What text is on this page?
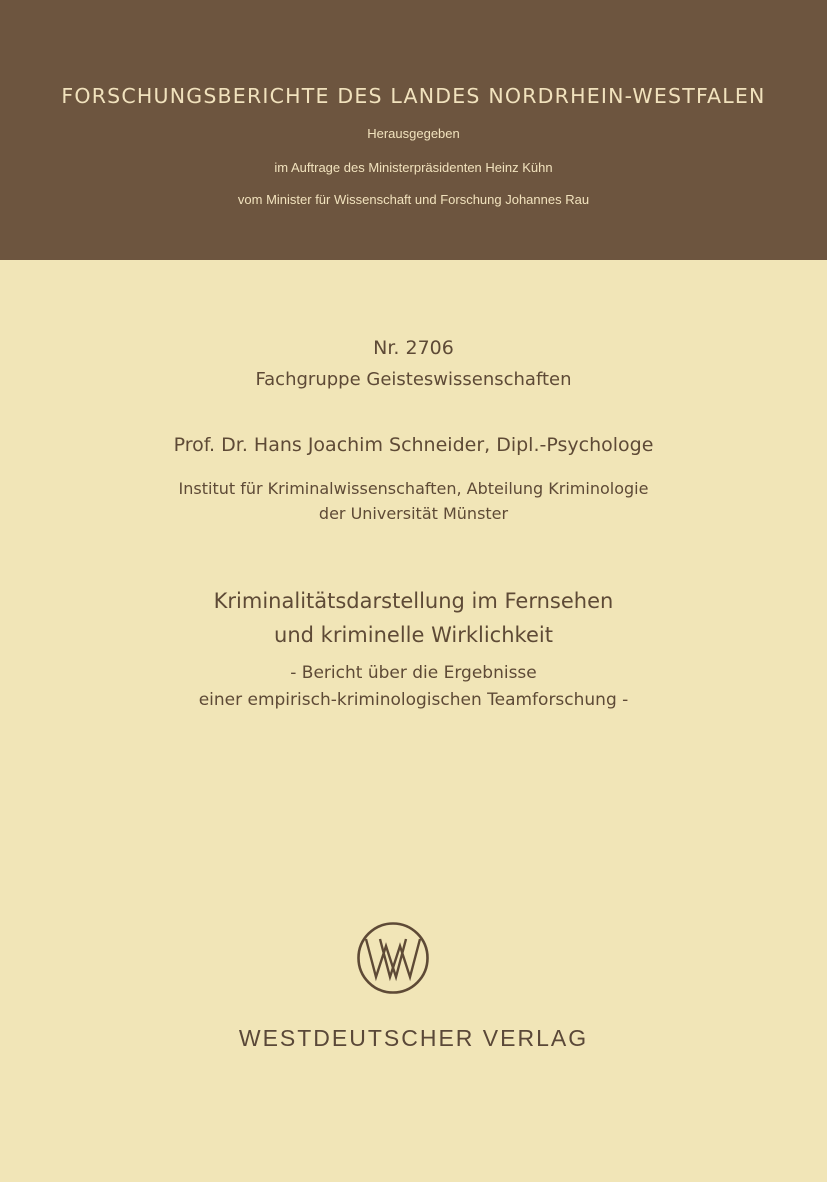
FORSCHUNGSBERICHTE DES LANDES NORDRHEIN-WESTFALEN
Herausgegeben
im Auftrage des Ministerpräsidenten Heinz Kühn
vom Minister für Wissenschaft und Forschung Johannes Rau
Nr. 2706
Fachgruppe Geisteswissenschaften
Prof. Dr. Hans Joachim Schneider, Dipl.-Psychologe
Institut für Kriminalwissenschaften, Abteilung Kriminologie
der Universität Münster
Kriminalitätsdarstellung im Fernsehen
und kriminelle Wirklichkeit
- Bericht über die Ergebnisse
einer empirisch-kriminologischen Teamforschung -
WESTDEUTSCHER VERLAG
